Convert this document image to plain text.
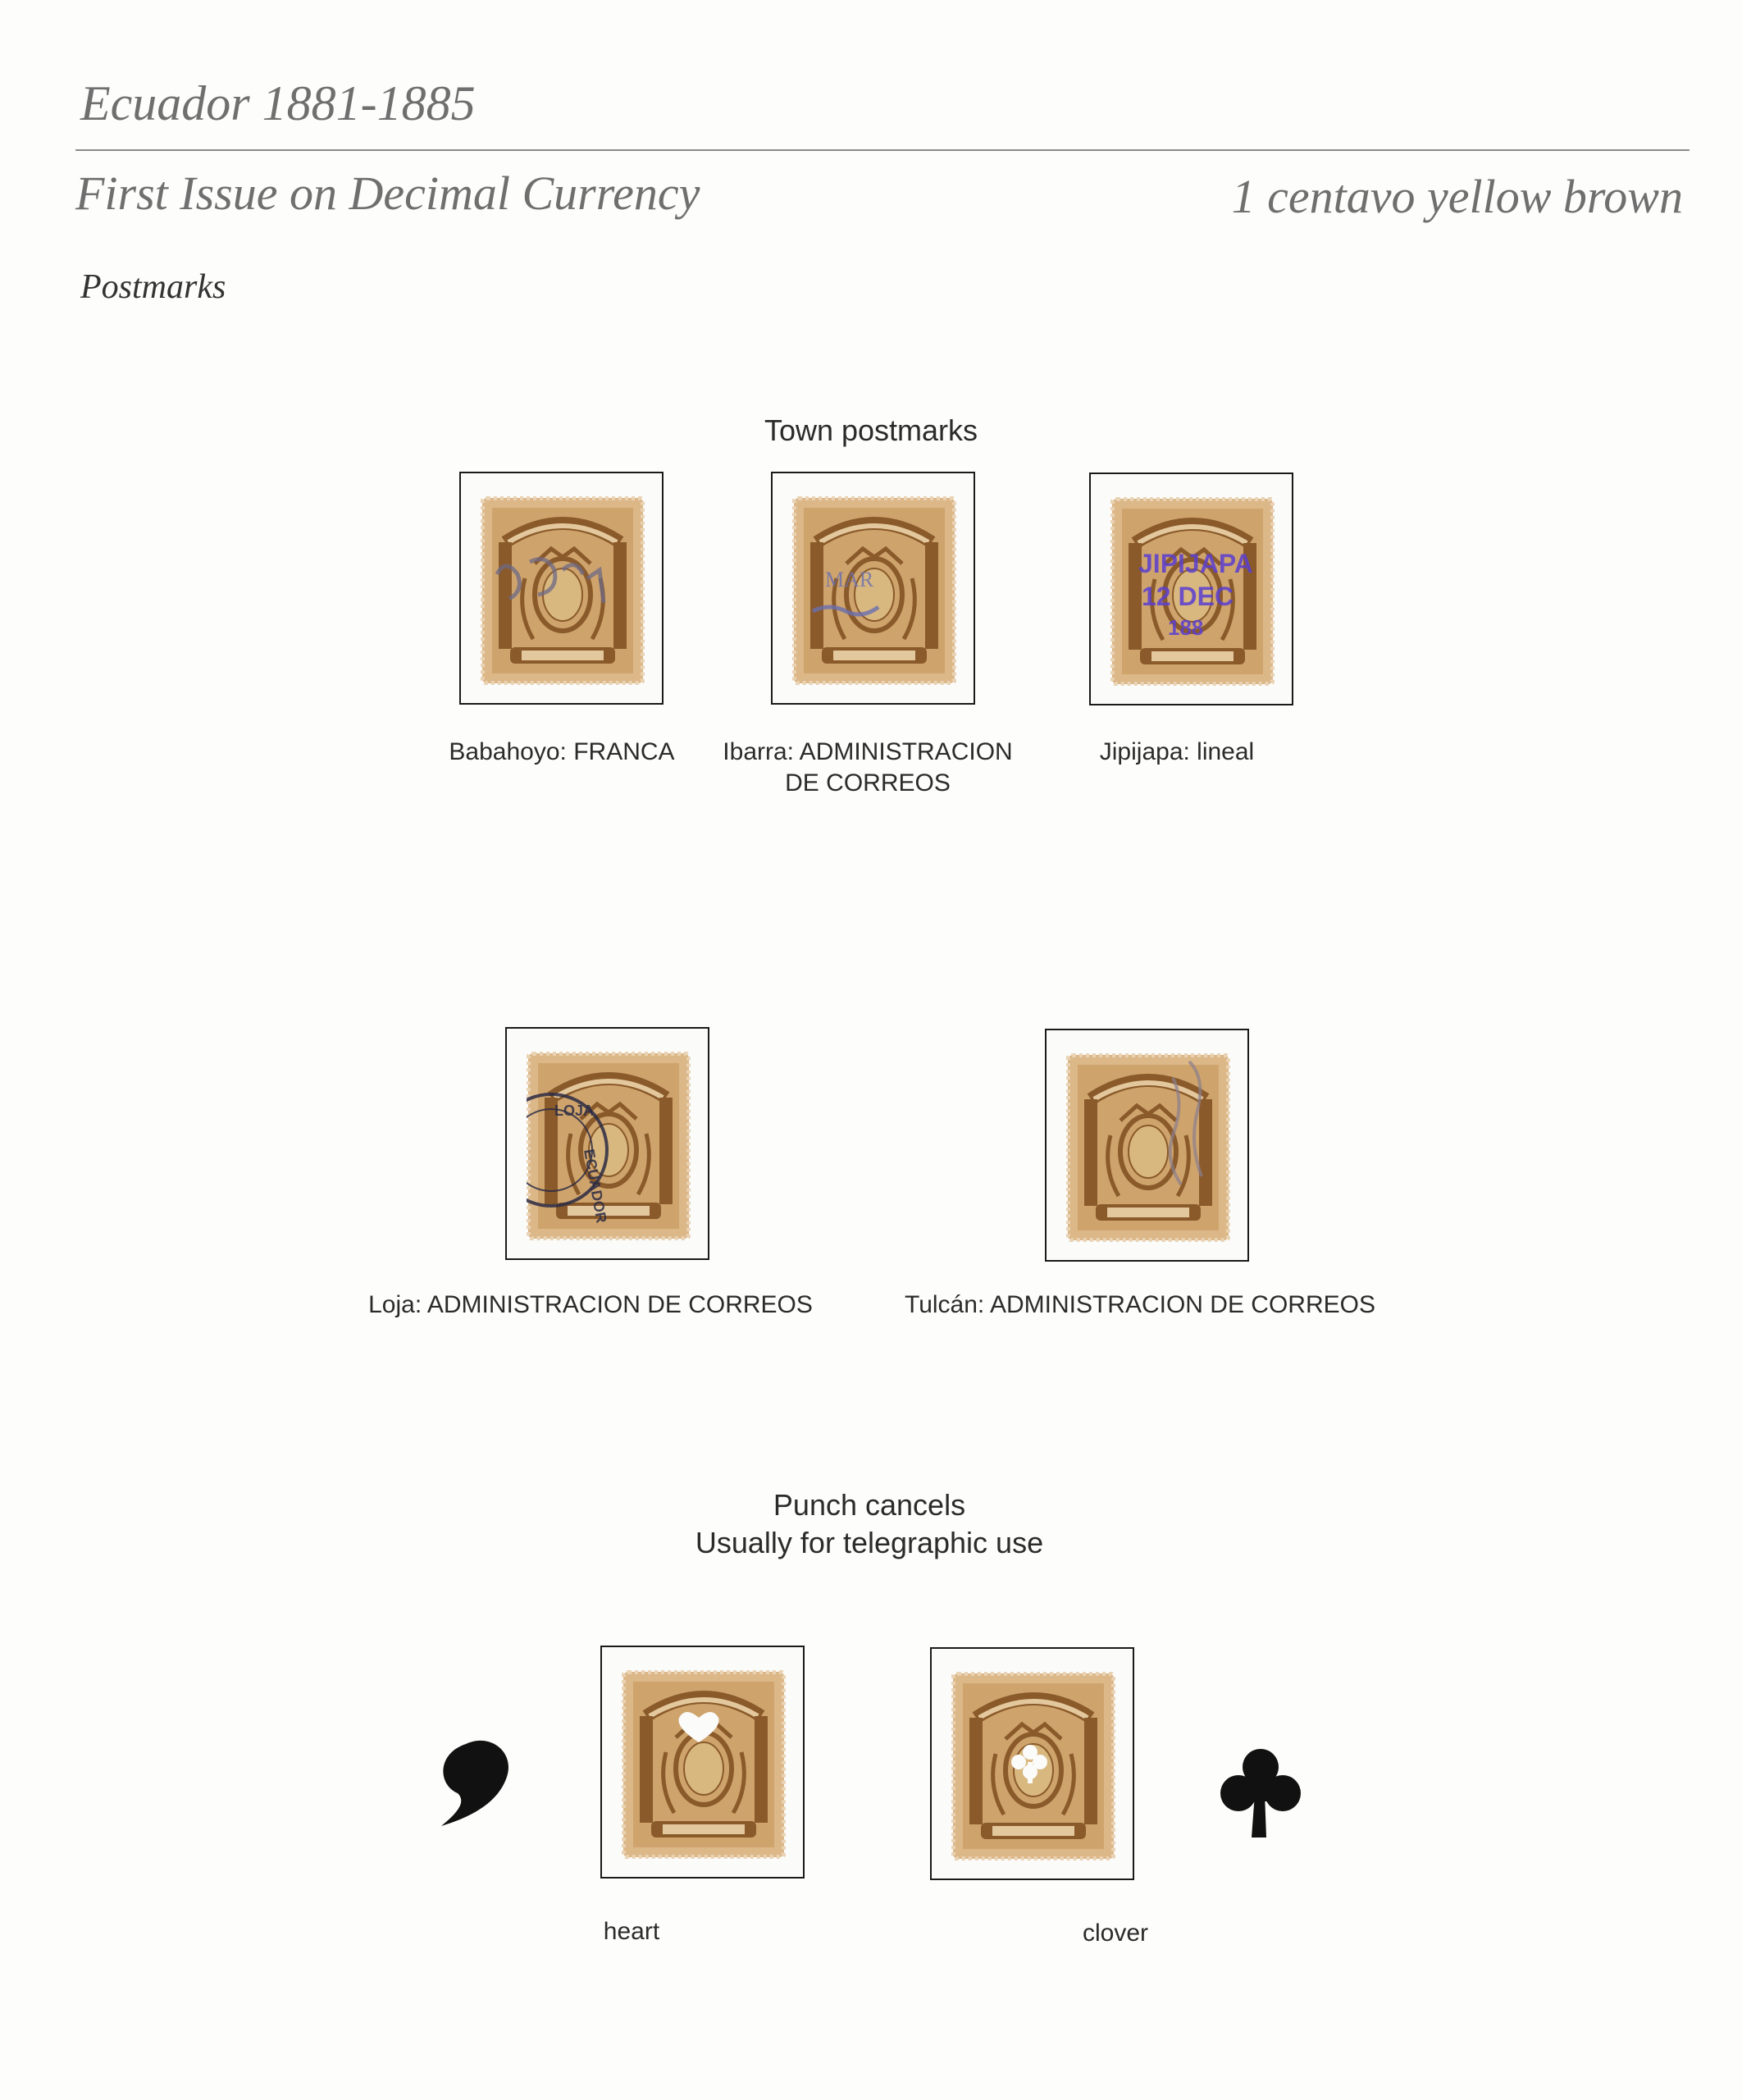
Ecuador 1881-1885
First Issue on Decimal Currency	1 centavo yellow brown
Postmarks
Town postmarks
Babahoyo: FRANCA
MAR
Ibarra: ADMINISTRACION
DE CORREOS
JIPIJAPA
12 DEC
188
Jipijapa: lineal
LOJA
ECUADOR
Loja: ADMINISTRACION DE CORREOS	Tulcán: ADMINISTRACION DE CORREOS
Punch cancels
Usually for telegraphic use
heart	clover
